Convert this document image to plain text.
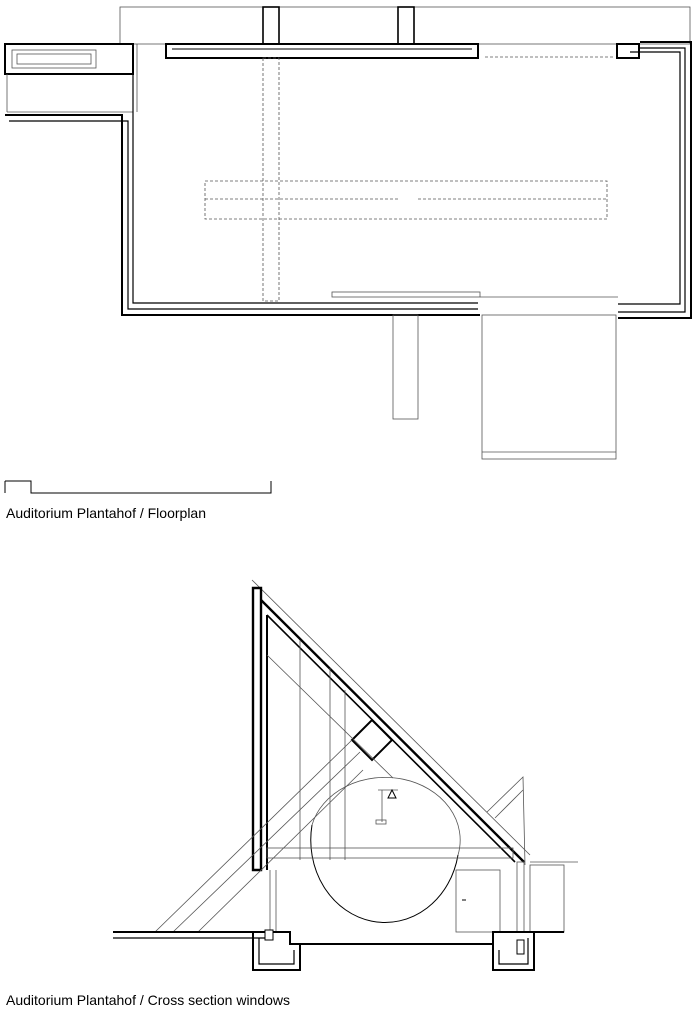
Auditorium Plantahof / Floorplan
Auditorium Plantahof / Cross section windows
